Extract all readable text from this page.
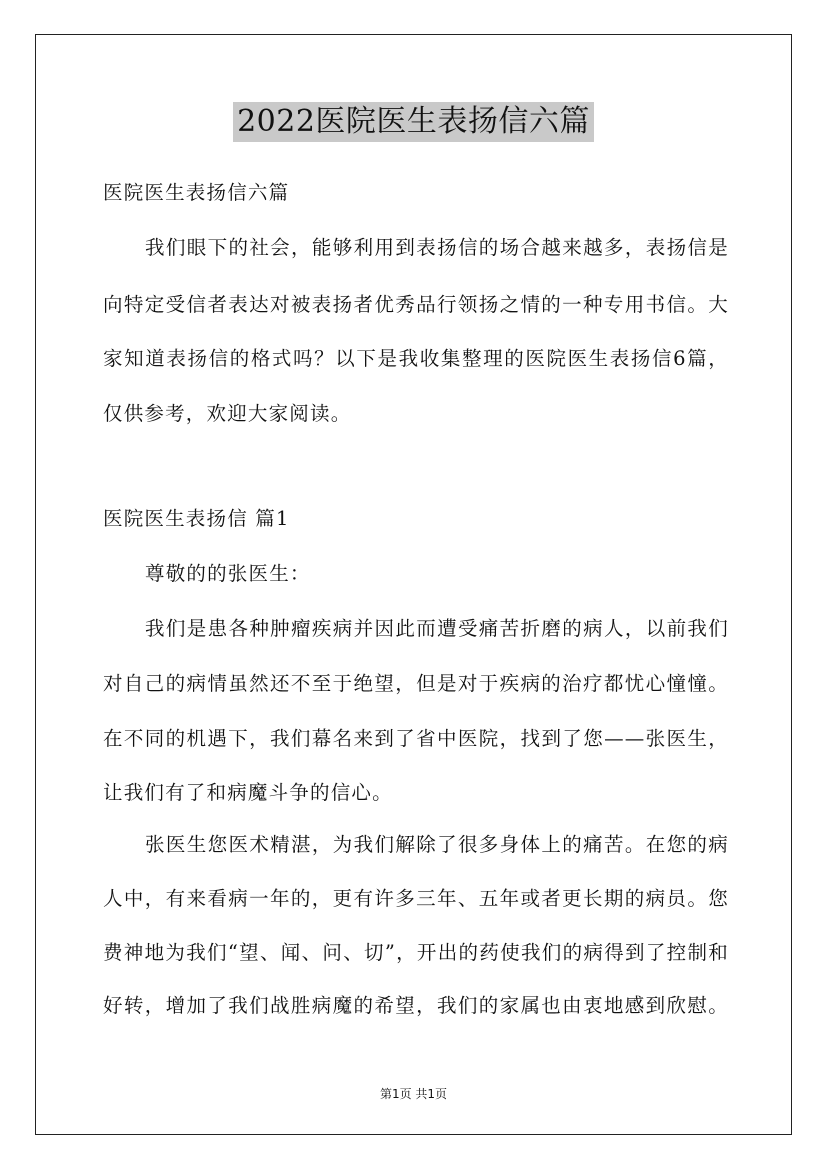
2022医院医生表扬信六篇
医院医生表扬信六篇
我们眼下的社会，能够利用到表扬信的场合越来越多，表扬信是
向特定受信者表达对被表扬者优秀品行领扬之情的一种专用书信。大
家知道表扬信的格式吗？以下是我收集整理的医院医生表扬信6篇，
仅供参考，欢迎大家阅读。
医院医生表扬信 篇1
尊敬的的张医生：
我们是患各种肿瘤疾病并因此而遭受痛苦折磨的病人，以前我们
对自己的病情虽然还不至于绝望，但是对于疾病的治疗都忧心憧憧。
在不同的机遇下，我们幕名来到了省中医院，找到了您——张医生，
让我们有了和病魔斗争的信心。
张医生您医术精湛，为我们解除了很多身体上的痛苦。在您的病
人中，有来看病一年的，更有许多三年、五年或者更长期的病员。您
费神地为我们“望、闻、问、切”，开出的药使我们的病得到了控制和
好转，增加了我们战胜病魔的希望，我们的家属也由衷地感到欣慰。
第1页 共1页
